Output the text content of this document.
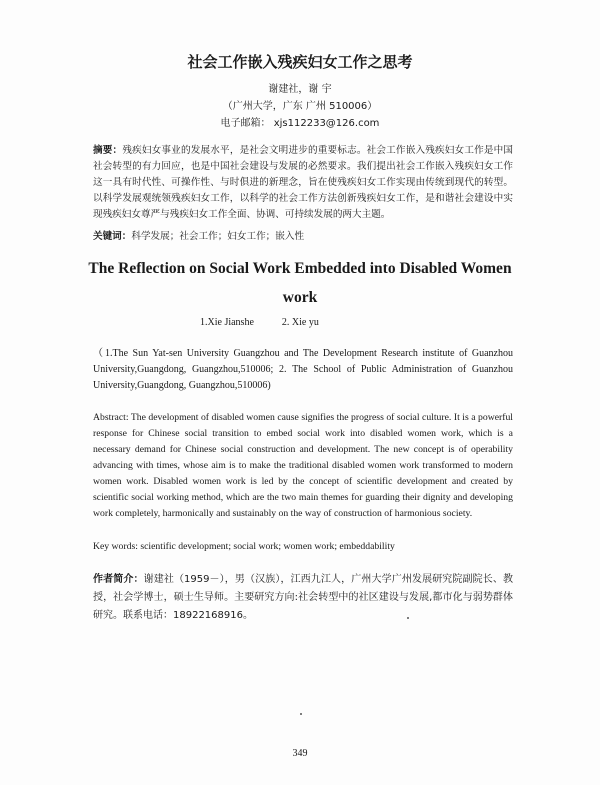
社会工作嵌入残疾妇女工作之思考
谢建社，谢 宇
（广州大学，广东 广州 510006）
电子邮箱： xjs112233@126.com
摘要：残疾妇女事业的发展水平，是社会文明进步的重要标志。社会工作嵌入残疾妇女工作是中国社会转型的有力回应，也是中国社会建设与发展的必然要求。我们提出社会工作嵌入残疾妇女工作这一具有时代性、可操作性、与时俱进的新理念，旨在使残疾妇女工作实现由传统到现代的转型。以科学发展观统领残疾妇女工作，以科学的社会工作方法创新残疾妇女工作，是和谐社会建设中实现残疾妇女尊严与残疾妇女工作全面、协调、可持续发展的两大主题。
关键词：科学发展；社会工作；妇女工作；嵌入性
The Reflection on Social Work Embedded into Disabled Women
work
1.Xie Jianshe	2. Xie yu
（1.The Sun Yat-sen University Guangzhou and The Development Research institute of Guanzhou University,Guangdong, Guangzhou,510006; 2. The School of Public Administration of Guanzhou University,Guangdong, Guangzhou,510006)
Abstract: The development of disabled women cause signifies the progress of social culture. It is a powerful response for Chinese social transition to embed social work into disabled women work, which is a necessary demand for Chinese social construction and development. The new concept is of operability advancing with times, whose aim is to make the traditional disabled women work transformed to modern women work. Disabled women work is led by the concept of scientific development and created by scientific social working method, which are the two main themes for guarding their dignity and developing work completely, harmonically and sustainably on the way of construction of harmonious society.
Key words: scientific development; social work; women work; embeddability
作者简介：谢建社（1959－），男（汉族），江西九江人，广州大学广州发展研究院副院长、教授，社会学博士，硕士生导师。主要研究方向:社会转型中的社区建设与发展,都市化与弱势群体研究。联系电话：18922168916。
349
